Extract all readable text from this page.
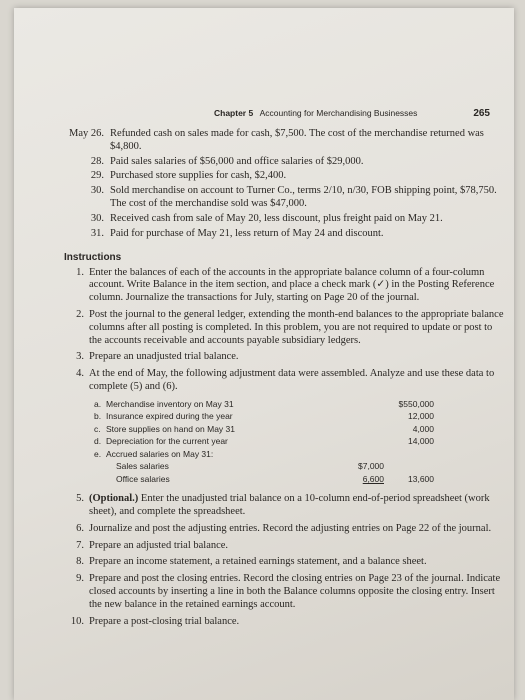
Chapter 5 Accounting for Merchandising Businesses	265
May 26. Refunded cash on sales made for cash, $7,500. The cost of the merchandise returned was $4,800.
28. Paid sales salaries of $56,000 and office salaries of $29,000.
29. Purchased store supplies for cash, $2,400.
30. Sold merchandise on account to Turner Co., terms 2/10, n/30, FOB shipping point, $78,750. The cost of the merchandise sold was $47,000.
30. Received cash from sale of May 20, less discount, plus freight paid on May 21.
31. Paid for purchase of May 21, less return of May 24 and discount.
Instructions
1. Enter the balances of each of the accounts in the appropriate balance column of a four-column account. Write Balance in the item section, and place a check mark (✓) in the Posting Reference column. Journalize the transactions for July, starting on Page 20 of the journal.
2. Post the journal to the general ledger, extending the month-end balances to the appropriate balance columns after all posting is completed. In this problem, you are not required to update or post to the accounts receivable and accounts payable subsidiary ledgers.
3. Prepare an unadjusted trial balance.
4. At the end of May, the following adjustment data were assembled. Analyze and use these data to complete (5) and (6).
a. Merchandise inventory on May 31	$550,000
b. Insurance expired during the year	12,000
c. Store supplies on hand on May 31	4,000
d. Depreciation for the current year	14,000
e. Accrued salaries on May 31:
Sales salaries	$7,000
Office salaries	6,600	13,600
5. (Optional.) Enter the unadjusted trial balance on a 10-column end-of-period spreadsheet (work sheet), and complete the spreadsheet.
6. Journalize and post the adjusting entries. Record the adjusting entries on Page 22 of the journal.
7. Prepare an adjusted trial balance.
8. Prepare an income statement, a retained earnings statement, and a balance sheet.
9. Prepare and post the closing entries. Record the closing entries on Page 23 of the journal. Indicate closed accounts by inserting a line in both the Balance columns opposite the closing entry. Insert the new balance in the retained earnings account.
10. Prepare a post-closing trial balance.
